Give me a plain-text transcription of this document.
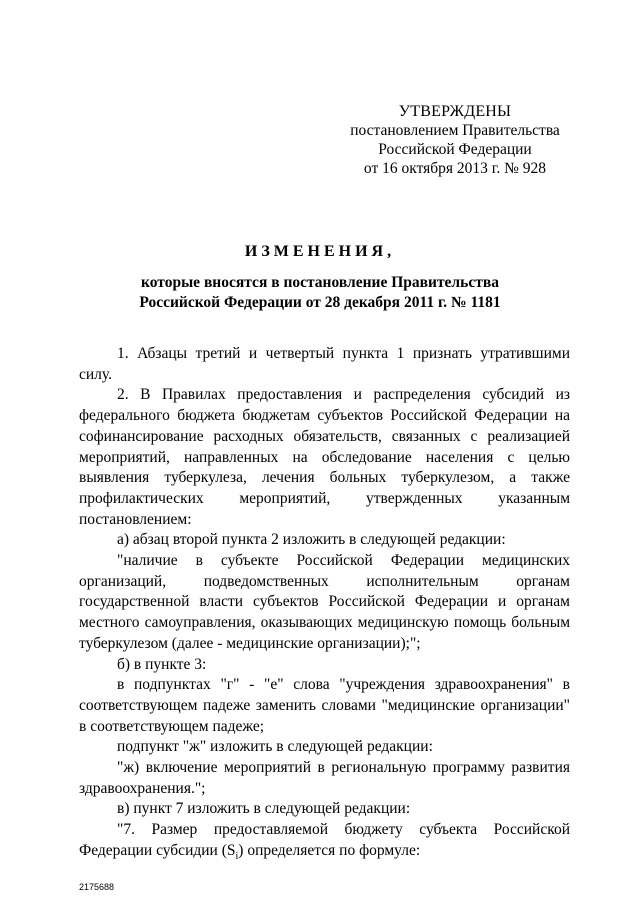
УТВЕРЖДЕНЫ
постановлением Правительства
Российской Федерации
от 16 октября 2013 г. № 928
ИЗМЕНЕНИЯ,
которые вносятся в постановление Правительства
Российской Федерации от 28 декабря 2011 г. № 1181

1. Абзацы третий и четвертый пункта 1 признать утратившими силу.

2. В Правилах предоставления и распределения субсидий из федерального бюджета бюджетам субъектов Российской Федерации на софинансирование расходных обязательств, связанных с реализацией мероприятий, направленных на обследование населения с целью выявления туберкулеза, лечения больных туберкулезом, а также профилактических мероприятий, утвержденных указанным постановлением:

а) абзац второй пункта 2 изложить в следующей редакции:

"наличие в субъекте Российской Федерации медицинских организаций, подведомственных исполнительным органам государственной власти субъектов Российской Федерации и органам местного самоуправления, оказывающих медицинскую помощь больным туберкулезом (далее - медицинские организации);";

б) в пункте 3:

в подпунктах "г" - "е" слова "учреждения здравоохранения" в соответствующем падеже заменить словами "медицинские организации" в соответствующем падеже;

подпункт "ж" изложить в следующей редакции:

"ж) включение мероприятий в региональную программу развития здравоохранения.";

в) пункт 7 изложить в следующей редакции:

"7. Размер предоставляемой бюджету субъекта Российской Федерации субсидии $(S_i)$ определяется по формуле:

2175688
